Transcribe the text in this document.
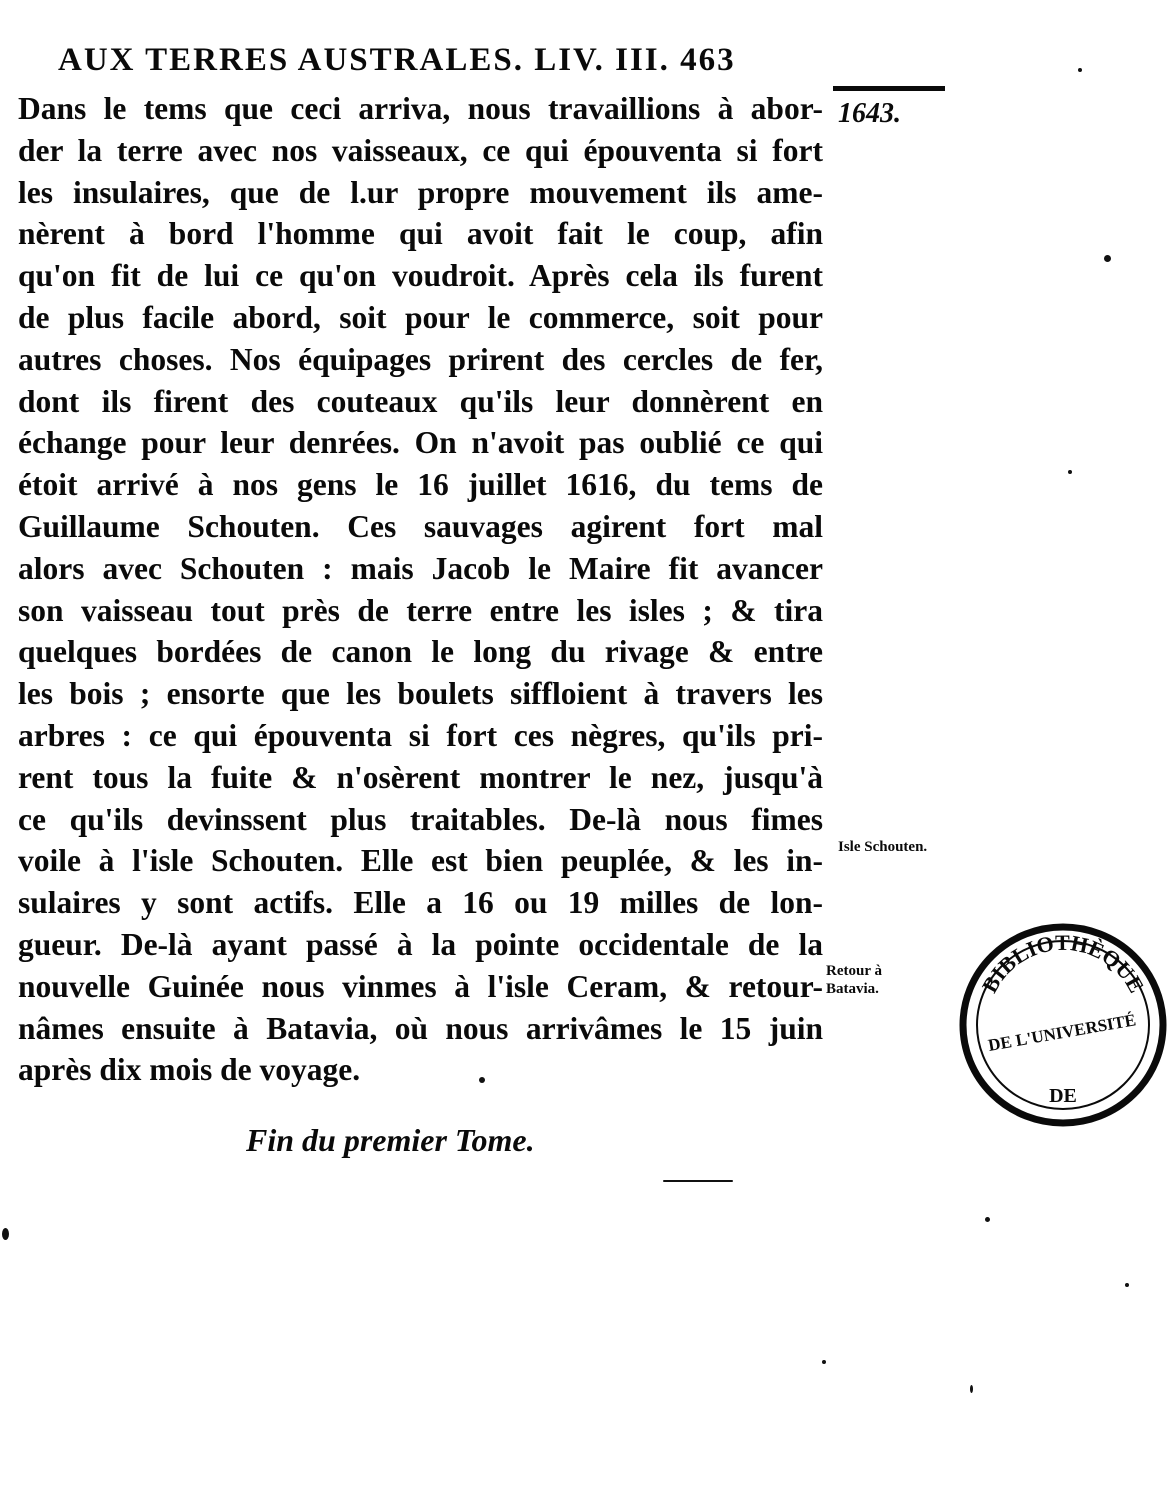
AUX TERRES AUSTRALES. LIV. III. 463
1643.
Dans le tems que ceci arriva, nous travaillions à abor-
der la terre avec nos vaisseaux, ce qui épouventa si fort
les insulaires, que de l.ur propre mouvement ils ame-
nèrent à bord l'homme qui avoit fait le coup, afin
qu'on fit de lui ce qu'on voudroit. Après cela ils furent
de plus facile abord, soit pour le commerce, soit pour
autres choses. Nos équipages prirent des cercles de fer,
dont ils firent des couteaux qu'ils leur donnèrent en
échange pour leur denrées. On n'avoit pas oublié ce qui
étoit arrivé à nos gens le 16 juillet 1616, du tems de
Guillaume Schouten. Ces sauvages agirent fort mal
alors avec Schouten : mais Jacob le Maire fit avancer
son vaisseau tout près de terre entre les isles ; & tira
quelques bordées de canon le long du rivage & entre
les bois ; ensorte que les boulets siffloient à travers les
arbres : ce qui épouventa si fort ces nègres, qu'ils pri-
rent tous la fuite & n'osèrent montrer le nez, jusqu'à
ce qu'ils devinssent plus traitables. De-là nous fimes
voile à l'isle Schouten. Elle est bien peuplée, & les in-
sulaires y sont actifs. Elle a 16 ou 19 milles de lon-
gueur. De-là ayant passé à la pointe occidentale de la
nouvelle Guinée nous vinmes à l'isle Ceram, & retour-
nâmes ensuite à Batavia, où nous arrivâmes le 15 juin
après dix mois de voyage.
Isle Schouten.
Retour à Batavia.
Fin du premier Tome.
BIBLIOTHÈQUE
DE L'UNIVERSITÉ
DE
